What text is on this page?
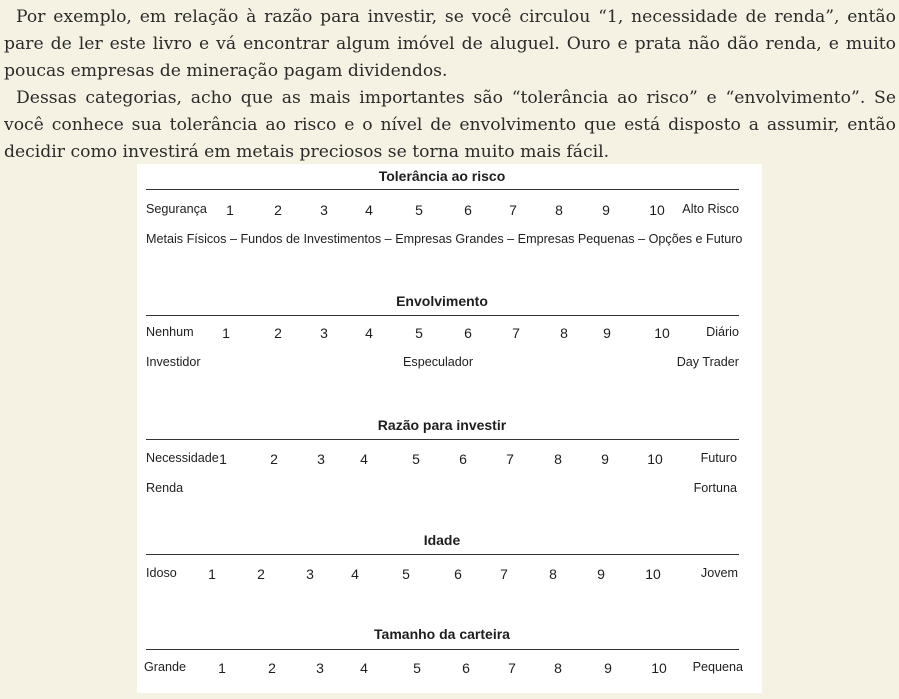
Por exemplo, em relação à razão para investir, se você circulou “1, necessidade de renda”, então pare de ler este livro e vá encontrar algum imóvel de aluguel. Ouro e prata não dão renda, e muito poucas empresas de mineração pagam dividendos.

Dessas categorias, acho que as mais importantes são “tolerância ao risco” e “envolvimento”. Se você conhece sua tolerância ao risco e o nível de envolvimento que está disposto a assumir, então decidir como investirá em metais preciosos se torna muito mais fácil.

Tolerância ao risco
Segurança 1	2	3	4	5	6	7	8	9	10 Alto Risco
Metais Físicos – Fundos de Investimentos – Empresas Grandes – Empresas Pequenas – Opções e Futuro
Envolvimento
Nenhum 1	2	3	4	5	6	7	8	9	10	Diário
Investidor	Especulador	Day Trader
Razão para investir
Necessidade 1	2	3	4	5	6	7	8	9	10	Futuro
Renda	Fortuna
Idade
Idoso 1	2	3	4	5	6	7	8	9	10	Jovem
Tamanho da carteira
Grande 1	2	3	4	5	6	7	8	9	10 Pequena
